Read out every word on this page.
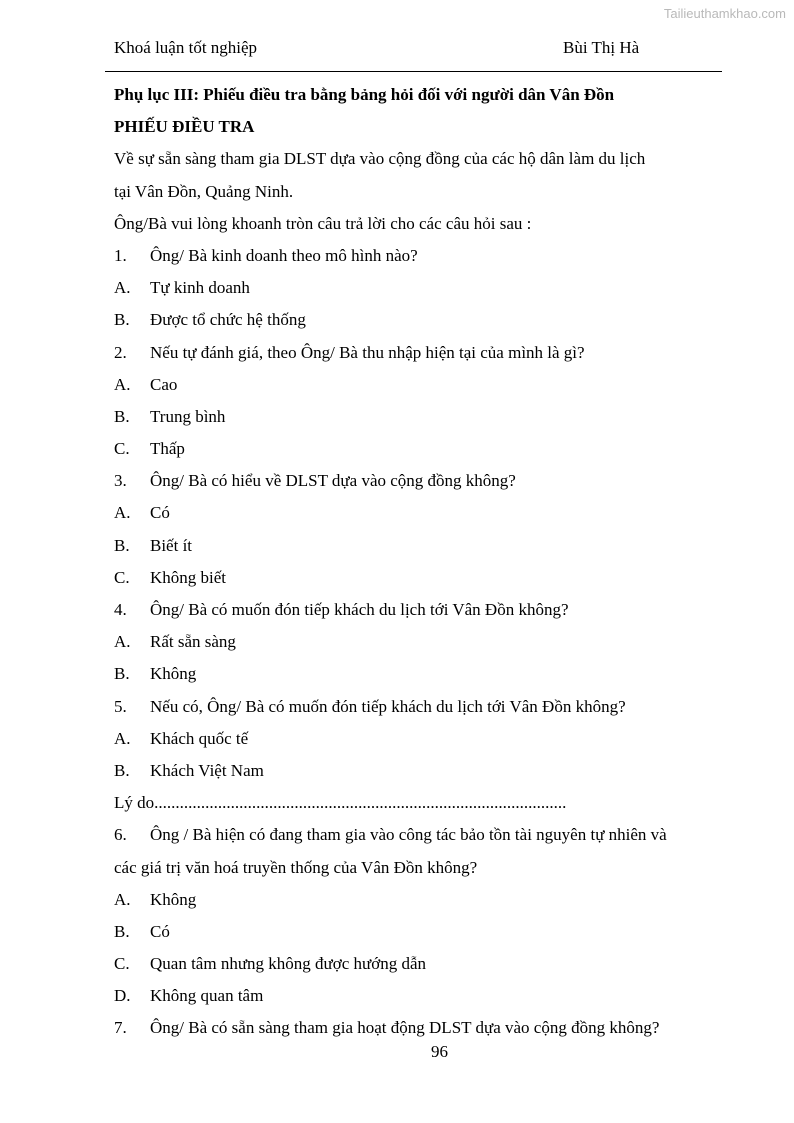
Tailieuthamkhao.com
Khoá luận tốt nghiệp	Bùi Thị Hà
Phụ lục III: Phiếu điều tra bằng bảng hỏi đối với người dân Vân Đồn
PHIẾU ĐIỀU TRA
Về sự sẵn sàng tham gia DLST dựa vào cộng đồng của các hộ dân làm du lịch
tại Vân Đồn, Quảng Ninh.
Ông/Bà vui lòng khoanh tròn câu trả lời cho các câu hỏi sau :
1. Ông/ Bà kinh doanh theo mô hình nào?
A. Tự kinh doanh
B. Được tổ chức hệ thống
2. Nếu tự đánh giá, theo Ông/ Bà thu nhập hiện tại của mình là gì?
A. Cao
B. Trung bình
C. Thấp
3. Ông/ Bà có hiểu về DLST dựa vào cộng đồng không?
A. Có
B. Biết ít
C. Không biết
4. Ông/ Bà có muốn đón tiếp khách du lịch tới Vân Đồn không?
A. Rất sẵn sàng
B. Không
5. Nếu có, Ông/ Bà có muốn đón tiếp khách du lịch tới Vân Đồn không?
A. Khách quốc tế
B. Khách Việt Nam
Lý do.................................................................................................
6. Ông / Bà hiện có đang tham gia vào công tác bảo tồn tài nguyên tự nhiên và
các giá trị văn hoá truyền thống của Vân Đồn không?
A. Không
B. Có
C. Quan tâm nhưng không được hướng dẫn
D. Không quan tâm
7. Ông/ Bà có sẵn sàng tham gia hoạt động DLST dựa vào cộng đồng không?
96
